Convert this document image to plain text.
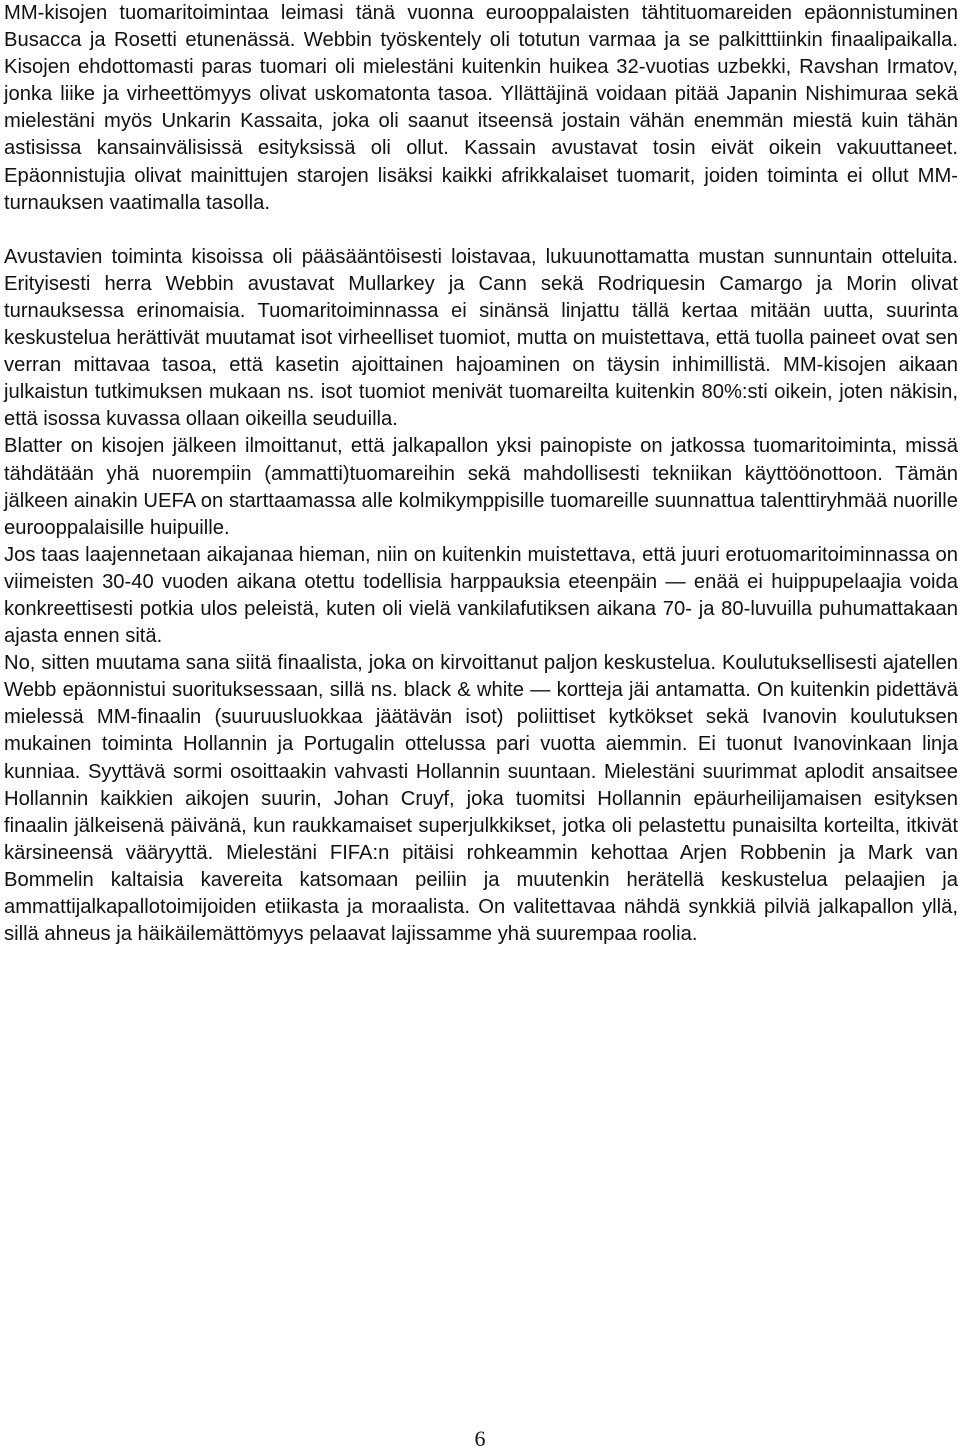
MM-kisojen tuomaritoimintaa leimasi tänä vuonna eurooppalaisten tähtituomareiden epäonnistuminen Busacca ja Rosetti etunenässä. Webbin työskentely oli totutun varmaa ja se palkitttiinkin finaalipaikalla. Kisojen ehdottomasti paras tuomari oli mielestäni kuitenkin huikea 32-vuotias uzbekki, Ravshan Irmatov, jonka liike ja virheettömyys olivat uskomatonta tasoa. Yllättäjinä voidaan pitää Japanin Nishimuraa sekä mielestäni myös Unkarin Kassaita, joka oli saanut itseensä jostain vähän enemmän miestä kuin tähän astisissa kansainvälisissä esityksissä oli ollut. Kassain avustavat tosin eivät oikein vakuuttaneet. Epäonnistujia olivat mainittujen starojen lisäksi kaikki afrikkalaiset tuomarit, joiden toiminta ei ollut MM-turnauksen vaatimalla tasolla.

Avustavien toiminta kisoissa oli pääsääntöisesti loistavaa, lukuunottamatta mustan sunnuntain otteluita. Erityisesti herra Webbin avustavat Mullarkey ja Cann sekä Rodriquesin Camargo ja Morin olivat turnauksessa erinomaisia. Tuomaritoiminnassa ei sinänsä linjattu tällä kertaa mitään uutta, suurinta keskustelua herättivät muutamat isot virheelliset tuomiot, mutta on muistettava, että tuolla paineet ovat sen verran mittavaa tasoa, että kasetin ajoittainen hajoaminen on täysin inhimillistä. MM-kisojen aikaan julkaistun tutkimuksen mukaan ns. isot tuomiot menivät tuomareilta kuitenkin 80%:sti oikein, joten näkisin, että isossa kuvassa ollaan oikeilla seuduilla.

Blatter on kisojen jälkeen ilmoittanut, että jalkapallon yksi painopiste on jatkossa tuomaritoiminta, missä tähdätään yhä nuorempiin (ammatti)tuomareihin sekä mahdollisesti tekniikan käyttöönottoon. Tämän jälkeen ainakin UEFA on starttaamassa alle kolmikymppisille tuomareille suunnattua talenttiryhmää nuorille eurooppalaisille huipuille.

Jos taas laajennetaan aikajanaa hieman, niin on kuitenkin muistettava, että juuri erotuomaritoiminnassa on viimeisten 30-40 vuoden aikana otettu todellisia harppauksia eteenpäin — enää ei huippupelaajia voida konkreettisesti potkia ulos peleistä, kuten oli vielä vankilafutiksen aikana 70- ja 80-luvuilla puhumattakaan ajasta ennen sitä.

No, sitten muutama sana siitä finaalista, joka on kirvoittanut paljon keskustelua. Koulutuksellisesti ajatellen Webb epäonnistui suorituksessaan, sillä ns. black & white — kortteja jäi antamatta. On kuitenkin pidettävä mielessä MM-finaalin (suuruusluokkaa jäätävän isot) poliittiset kytkökset sekä Ivanovin koulutuksen mukainen toiminta Hollannin ja Portugalin ottelussa pari vuotta aiemmin. Ei tuonut Ivanovinkaan linja kunniaa. Syyttävä sormi osoittaakin vahvasti Hollannin suuntaan. Mielestäni suurimmat aplodit ansaitsee Hollannin kaikkien aikojen suurin, Johan Cruyf, joka tuomitsi Hollannin epäurheilijamaisen esityksen finaalin jälkeisenä päivänä, kun raukkamaiset superjulkkikset, jotka oli pelastettu punaisilta korteilta, itkivät kärsineensä vääryyttä. Mielestäni FIFA:n pitäisi rohkeammin kehottaa Arjen Robbenin ja Mark van Bommelin kaltaisia kavereita katsomaan peiliin ja muutenkin herätellä keskustelua pelaajien ja ammattijalkapallotoimijoiden etiikasta ja moraalista. On valitettavaa nähdä synkkiä pilviä jalkapallon yllä, sillä ahneus ja häikäilemättömyys pelaavat lajissamme yhä suurempaa roolia.

6
